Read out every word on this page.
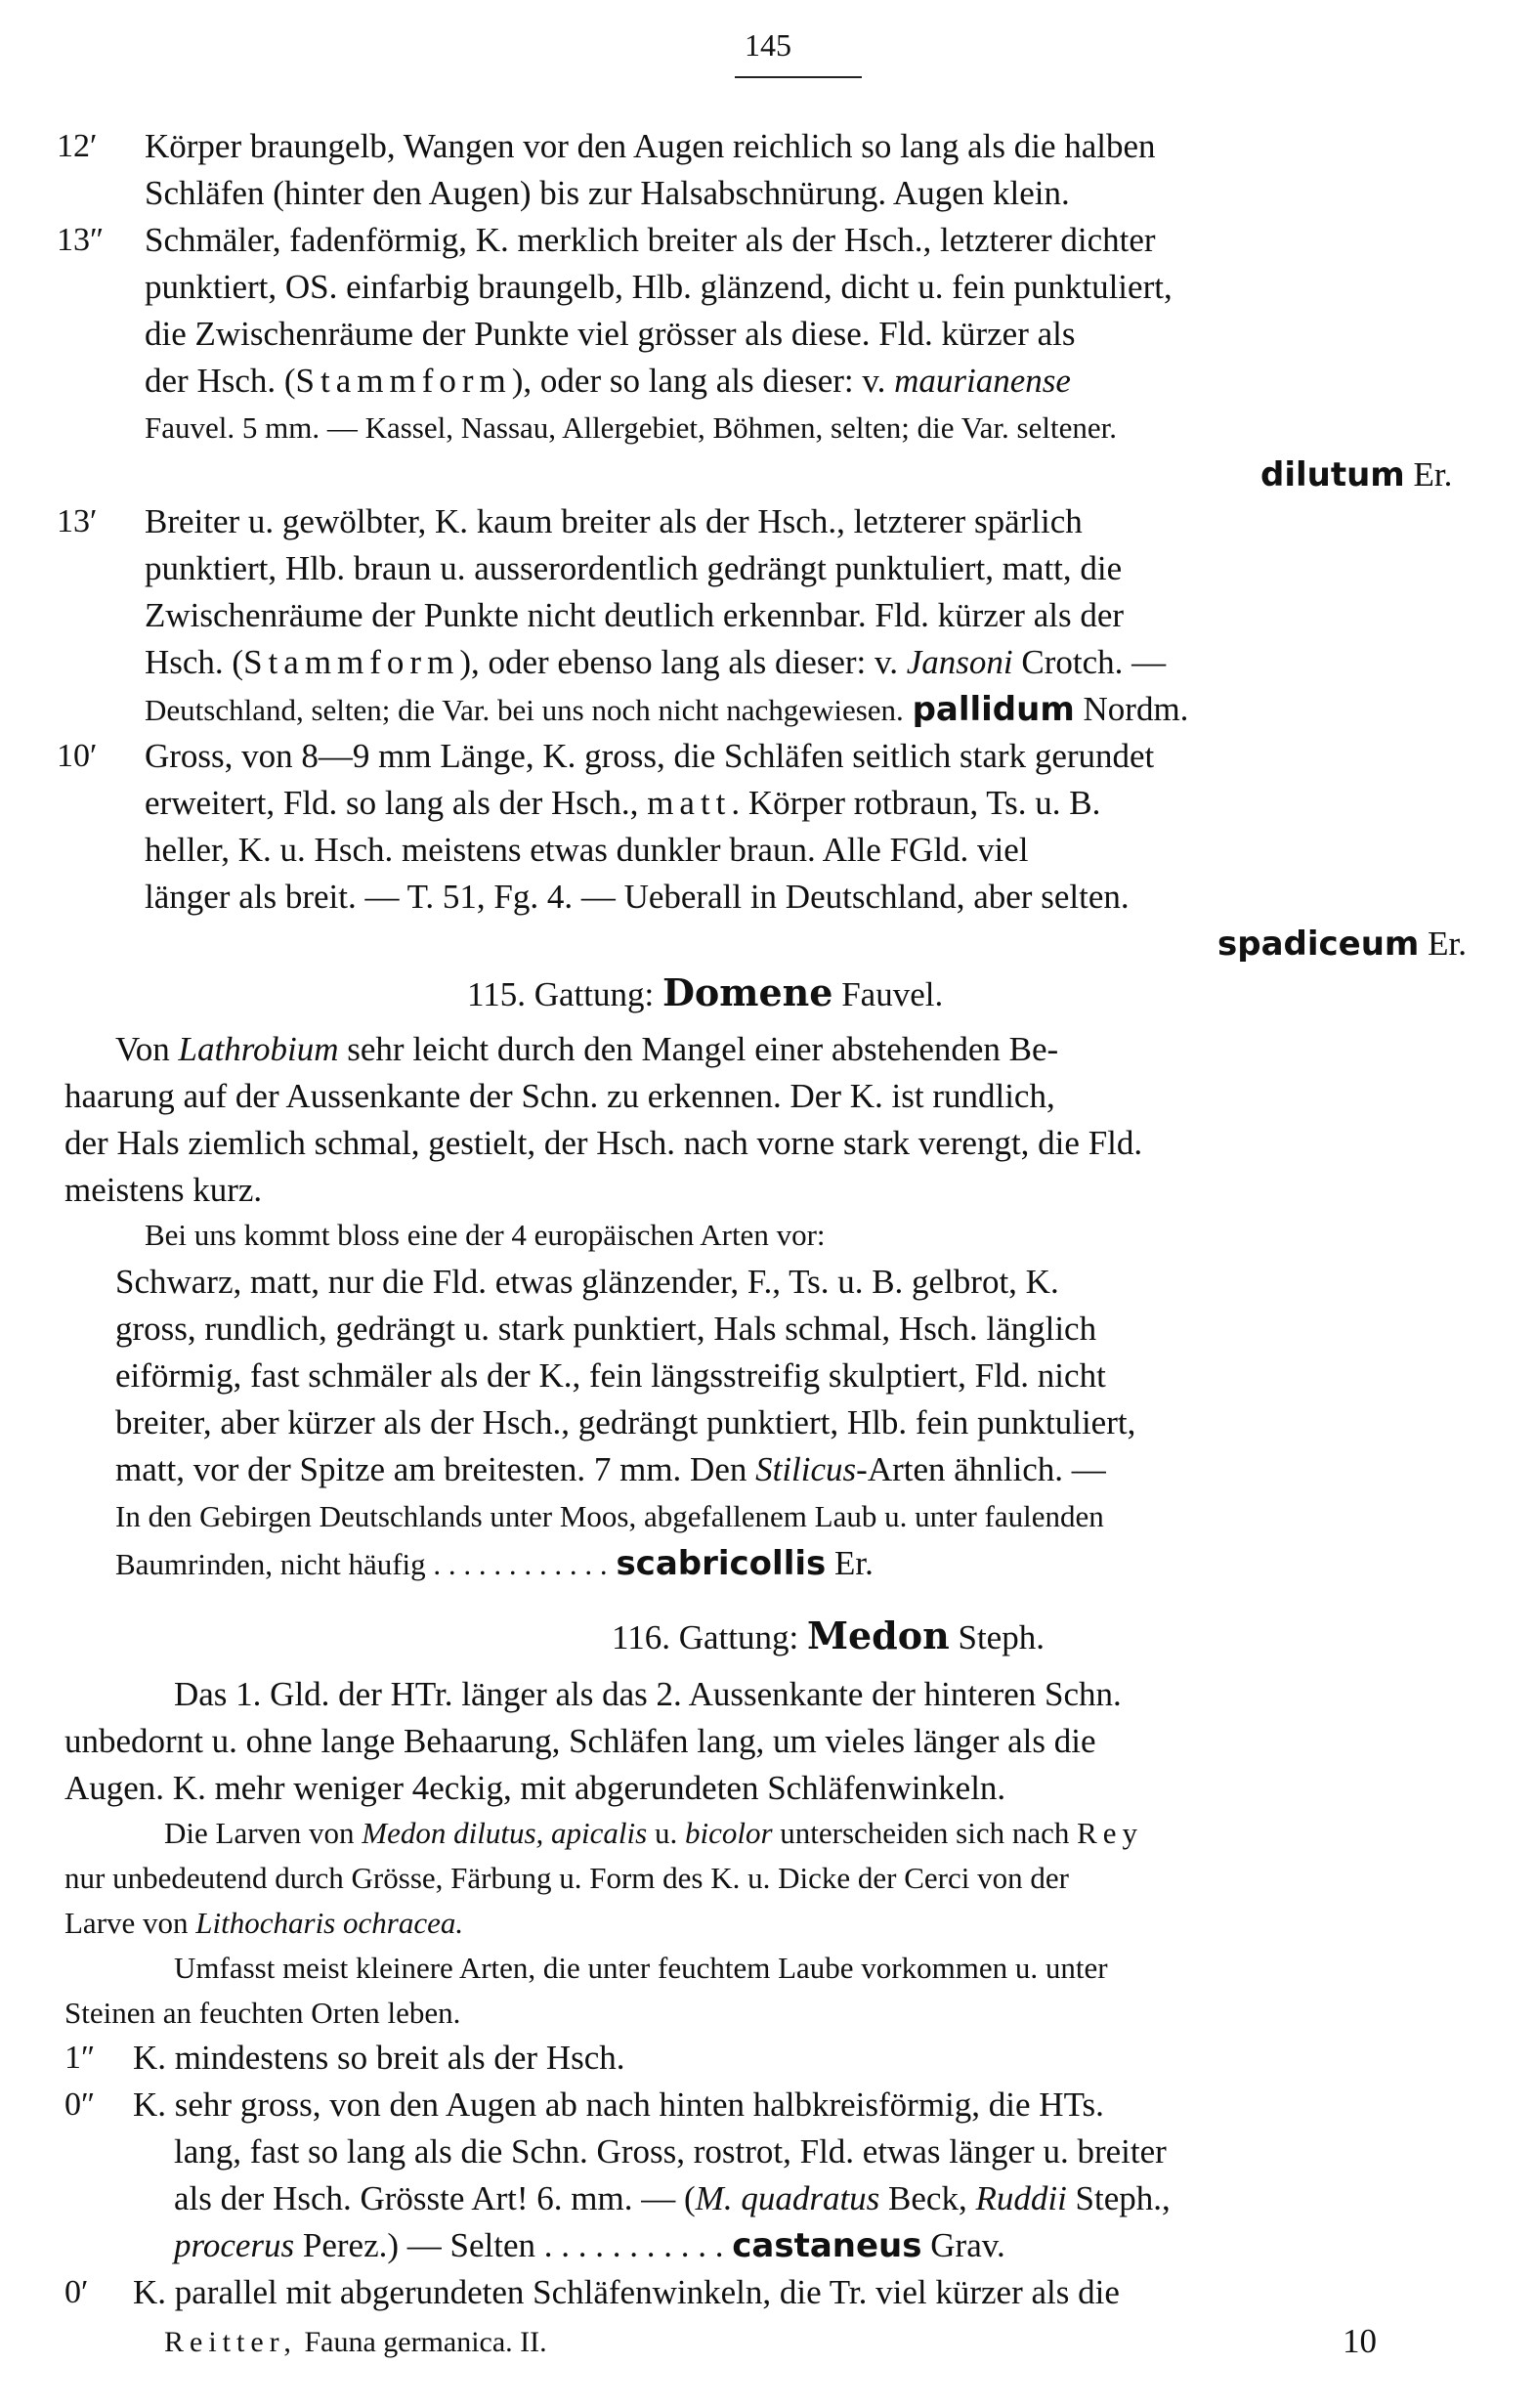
145
12′ Körper braungelb, Wangen vor den Augen reichlich so lang als die halben
Schläfen (hinter den Augen) bis zur Halsabschnürung. Augen klein.
13″ Schmäler, fadenförmig, K. merklich breiter als der Hsch., letzterer dichter
punktiert, OS. einfarbig braungelb, Hlb. glänzend, dicht u. fein punktuliert,
die Zwischenräume der Punkte viel grösser als diese. Fld. kürzer als
der Hsch. (Stammform), oder so lang als dieser: v. maurianense
Fauvel. 5 mm. — Kassel, Nassau, Allergebiet, Böhmen, selten; die Var. seltener.
dilutum Er.
13′ Breiter u. gewölbter, K. kaum breiter als der Hsch., letzterer spärlich
punktiert, Hlb. braun u. ausserordentlich gedrängt punktuliert, matt, die
Zwischenräume der Punkte nicht deutlich erkennbar. Fld. kürzer als der
Hsch. (Stammform), oder ebenso lang als dieser: v. Jansoni Crotch. —
Deutschland, selten; die Var. bei uns noch nicht nachgewiesen. pallidum Nordm.
10′ Gross, von 8—9 mm Länge, K. gross, die Schläfen seitlich stark gerundet
erweitert, Fld. so lang als der Hsch., matt. Körper rotbraun, Ts. u. B.
heller, K. u. Hsch. meistens etwas dunkler braun. Alle FGld. viel
länger als breit. — T. 51, Fg. 4. — Ueberall in Deutschland, aber selten.
spadiceum Er.
115. Gattung: Domene Fauvel.
Von Lathrobium sehr leicht durch den Mangel einer abstehenden Be-
haarung auf der Aussenkante der Schn. zu erkennen. Der K. ist rundlich,
der Hals ziemlich schmal, gestielt, der Hsch. nach vorne stark verengt, die Fld.
meistens kurz.
Bei uns kommt bloss eine der 4 europäischen Arten vor:
Schwarz, matt, nur die Fld. etwas glänzender, F., Ts. u. B. gelbrot, K.
gross, rundlich, gedrängt u. stark punktiert, Hals schmal, Hsch. länglich
eiförmig, fast schmäler als der K., fein längsstreifig skulptiert, Fld. nicht
breiter, aber kürzer als der Hsch., gedrängt punktiert, Hlb. fein punktuliert,
matt, vor der Spitze am breitesten. 7 mm. Den Stilicus-Arten ähnlich. —
In den Gebirgen Deutschlands unter Moos, abgefallenem Laub u. unter faulenden
Baumrinden, nicht häufig . . . . . . . . . . . . scabricollis Er.
116. Gattung: Medon Steph.
Das 1. Gld. der HTr. länger als das 2. Aussenkante der hinteren Schn.
unbedornt u. ohne lange Behaarung, Schläfen lang, um vieles länger als die
Augen. K. mehr weniger 4eckig, mit abgerundeten Schläfenwinkeln.
Die Larven von Medon dilutus, apicalis u. bicolor unterscheiden sich nach Rey
nur unbedeutend durch Grösse, Färbung u. Form des K. u. Dicke der Cerci von der
Larve von Lithocharis ochracea.
Umfasst meist kleinere Arten, die unter feuchtem Laube vorkommen u. unter
Steinen an feuchten Orten leben.
1″ K. mindestens so breit als der Hsch.
0″ K. sehr gross, von den Augen ab nach hinten halbkreisförmig, die HTs.
lang, fast so lang als die Schn. Gross, rostrot, Fld. etwas länger u. breiter
als der Hsch. Grösste Art! 6. mm. — (M. quadratus Beck, Ruddii Steph.,
procerus Perez.) — Selten . . . . . . . . . . . castaneus Grav.
0′ K. parallel mit abgerundeten Schläfenwinkeln, die Tr. viel kürzer als die
Reitter, Fauna germanica. II.	10
